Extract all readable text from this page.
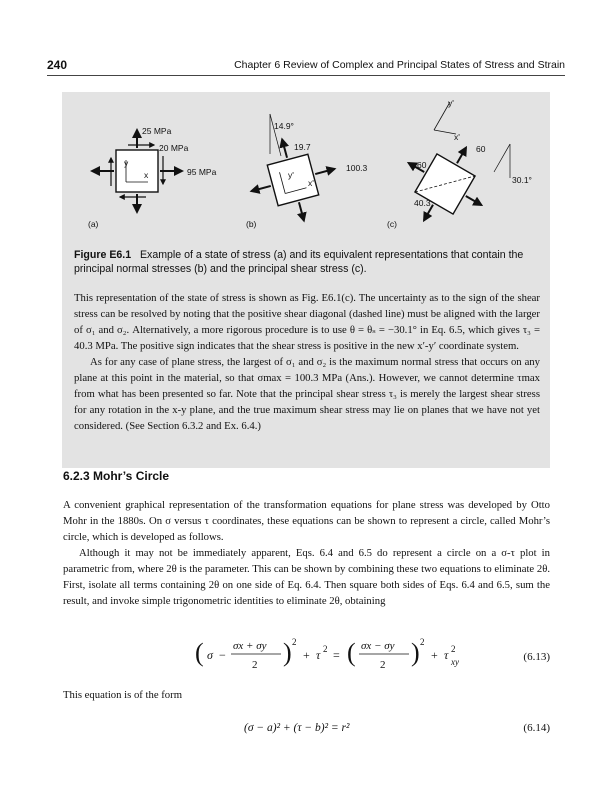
240	Chapter 6 Review of Complex and Principal States of Stress and Strain
y
x
25 MPa
20 MPa
95 MPa
(a)
14.9°
y'
x'
19.7
100.3
(b)
y'
x'
60
60
30.1°
40.3
(c)
Figure E6.1 Example of a state of stress (a) and its equivalent representations that contain the principal normal stresses (b) and the principal shear stress (c).

This representation of the state of stress is shown as Fig. E6.1(c). The uncertainty as to the sign of the shear stress can be resolved by noting that the positive shear diagonal (dashed line) must be aligned with the larger of σ₁ and σ₂. Alternatively, a more rigorous procedure is to use θ = θₛ = −30.1° in Eq. 6.5, which gives τ₃ = 40.3 MPa. The positive sign indicates that the shear stress is positive in the new x′-y′ coordinate system.

As for any case of plane stress, the largest of σ₁ and σ₂ is the maximum normal stress that occurs on any plane at this point in the material, so that σmax = 100.3 MPa (Ans.). However, we cannot determine τmax from what has been presented so far. Note that the principal shear stress τ₃ is merely the largest shear stress for any rotation in the x-y plane, and the true maximum shear stress may lie on planes that we have not yet considered. (See Section 6.3.2 and Ex. 6.4.)

6.2.3 Mohr’s Circle

A convenient graphical representation of the transformation equations for plane stress was developed by Otto Mohr in the 1880s. On σ versus τ coordinates, these equations can be shown to represent a circle, called Mohr’s circle, which is developed as follows.

Although it may not be immediately apparent, Eqs. 6.4 and 6.5 do represent a circle on a σ-τ plot in parametric from, where 2θ is the parameter. This can be shown by combining these two equations to eliminate 2θ. First, isolate all terms containing 2θ on one side of Eq. 6.4. Then square both sides of Eqs. 6.4 and 6.5, sum the result, and invoke simple trigonometric identities to eliminate 2θ, obtaining

( σ −
σx + σy
2 ) 2
+ τ 2 = ( σx − σy
2 ) 2
+ τ 2
xy	(6.13)
This equation is of the form
(σ − a)² + (τ − b)² = r²	(6.14)
